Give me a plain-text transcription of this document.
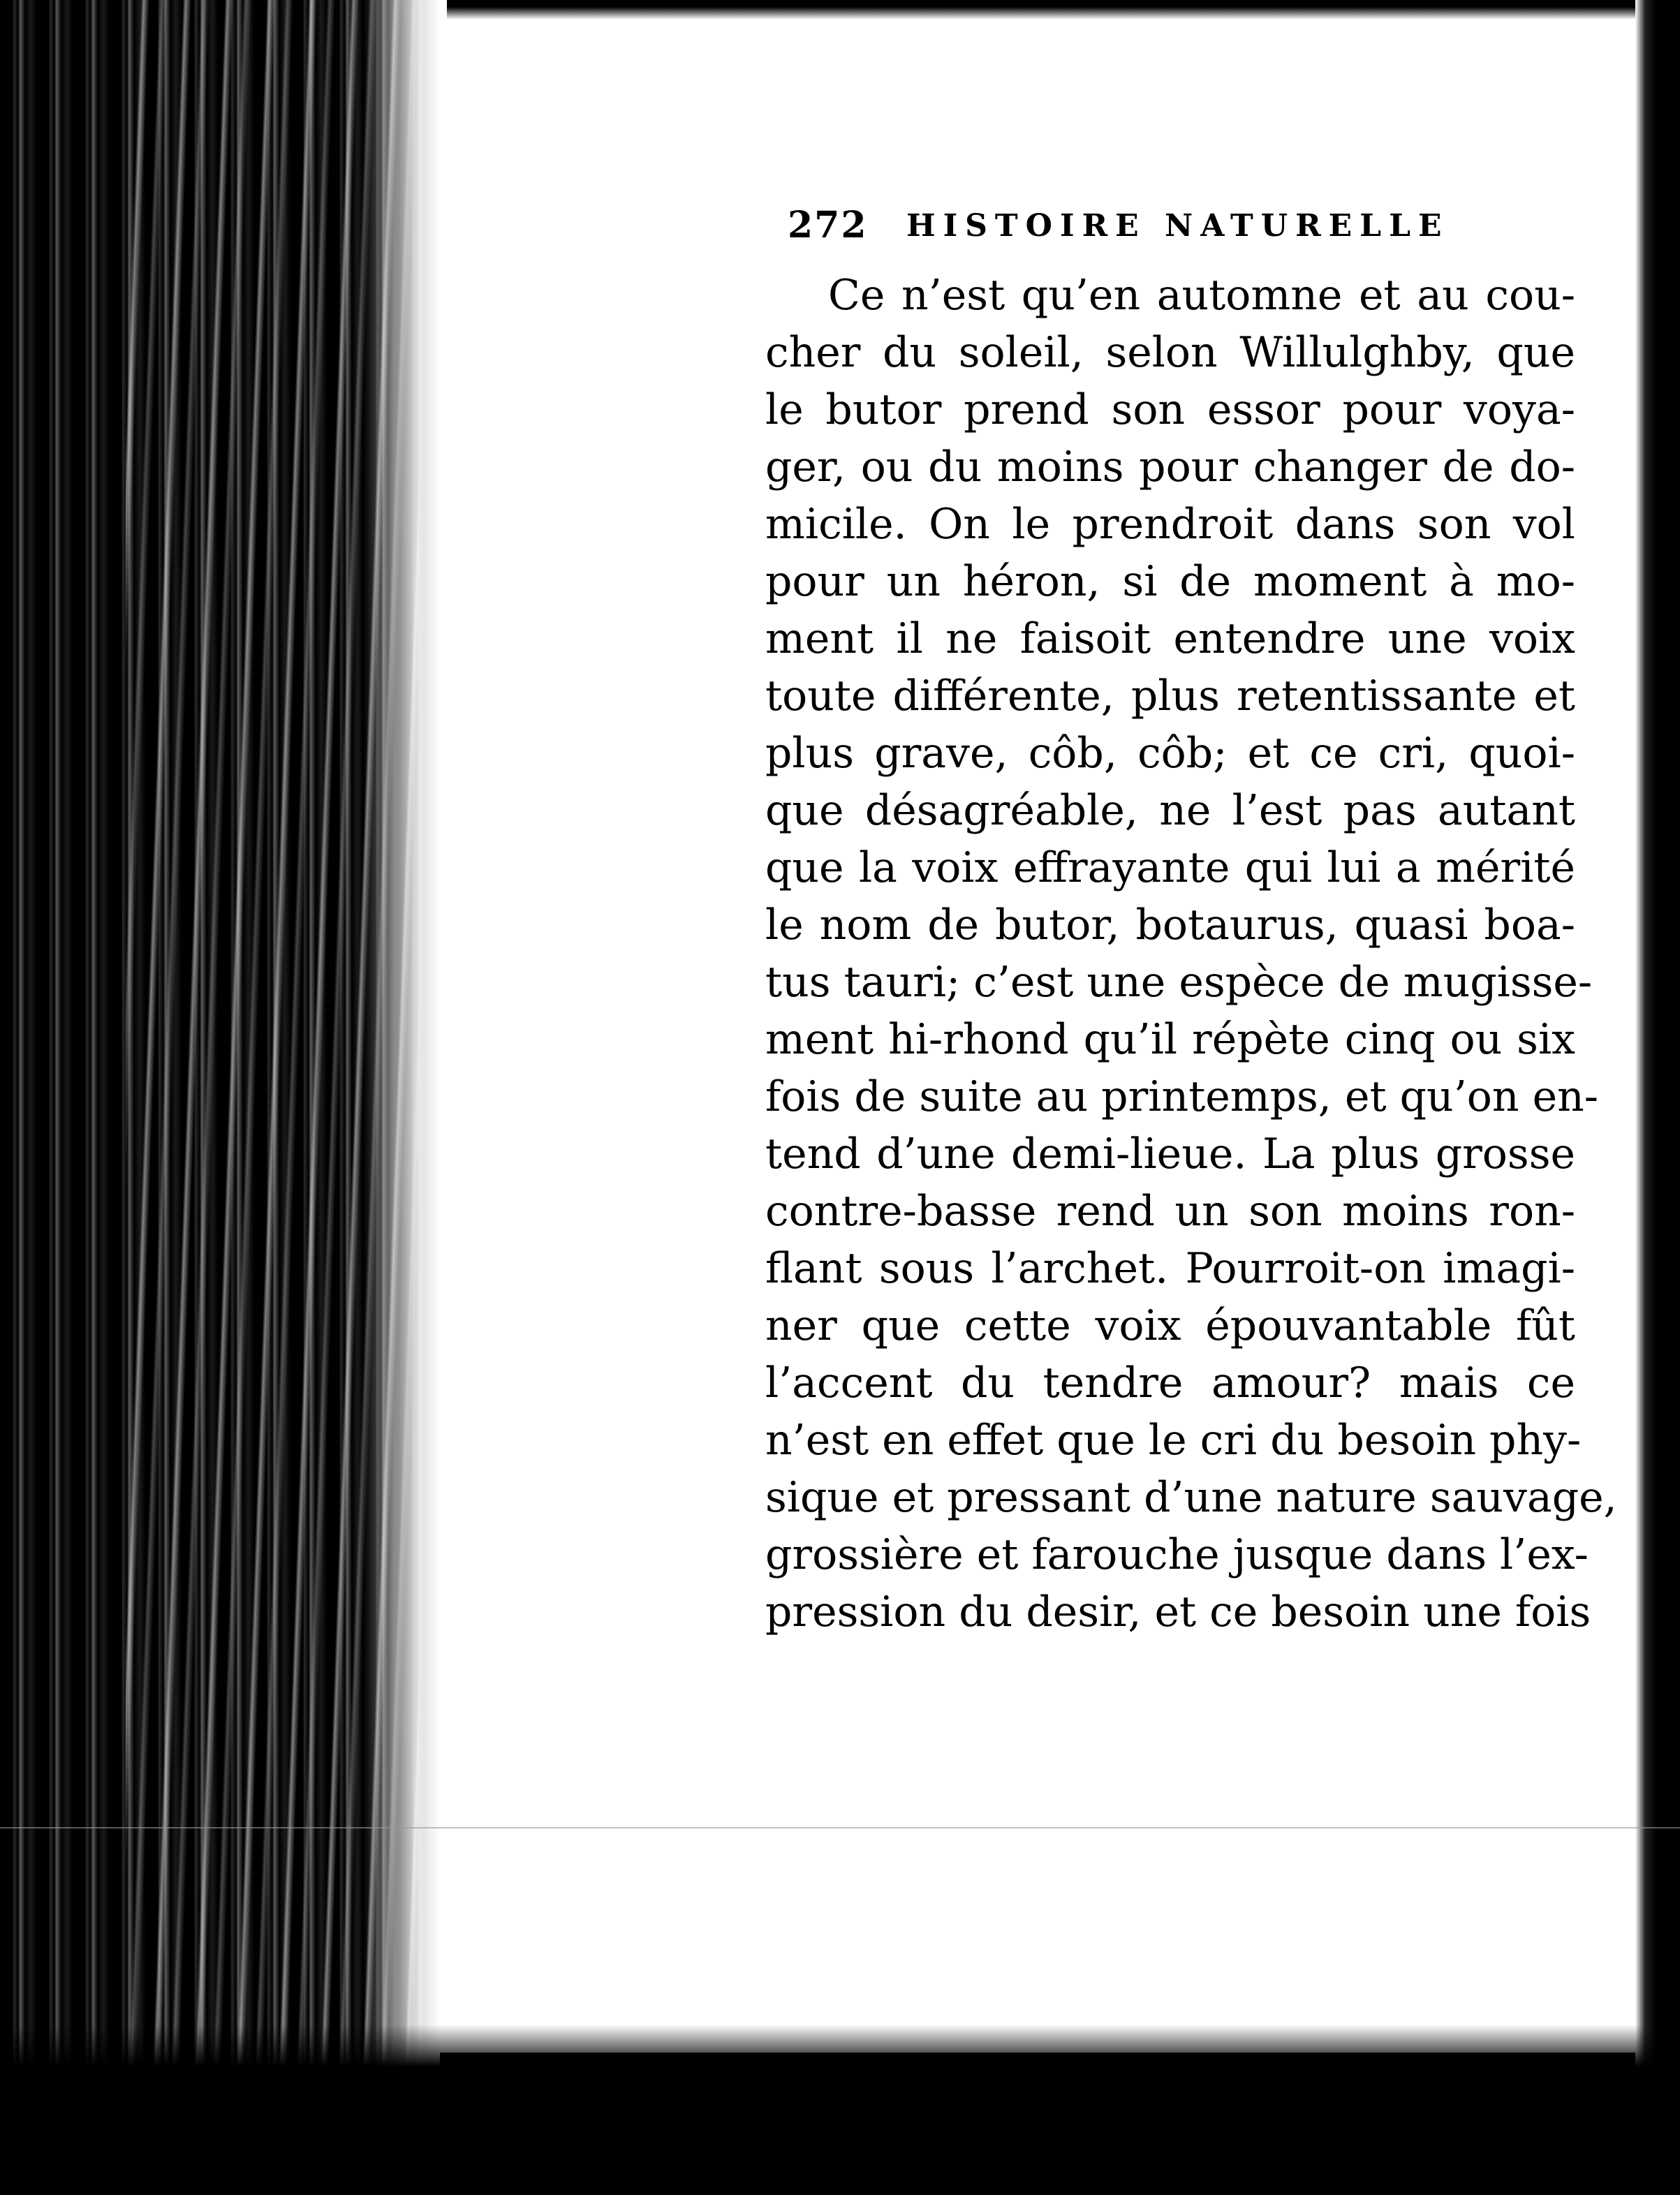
272 HISTOIRE NATURELLE
Ce n’est qu’en automne et au cou-
cher du soleil, selon Willulghby, que
le butor prend son essor pour voya-
ger, ou du moins pour changer de do-
micile. On le prendroit dans son vol
pour un héron, si de moment à mo-
ment il ne faisoit entendre une voix
toute différente, plus retentissante et
plus grave, côb, côb; et ce cri, quoi-
que désagréable, ne l’est pas autant
que la voix effrayante qui lui a mérité
le nom de butor, botaurus, quasi boa-
tus tauri; c’est une espèce de mugisse-
ment hi-rhond qu’il répète cinq ou six
fois de suite au printemps, et qu’on en-
tend d’une demi-lieue. La plus grosse
contre-basse rend un son moins ron-
flant sous l’archet. Pourroit-on imagi-
ner que cette voix épouvantable fût
l’accent du tendre amour? mais ce
n’est en effet que le cri du besoin phy-
sique et pressant d’une nature sauvage,
grossière et farouche jusque dans l’ex-
pression du desir, et ce besoin une fois
